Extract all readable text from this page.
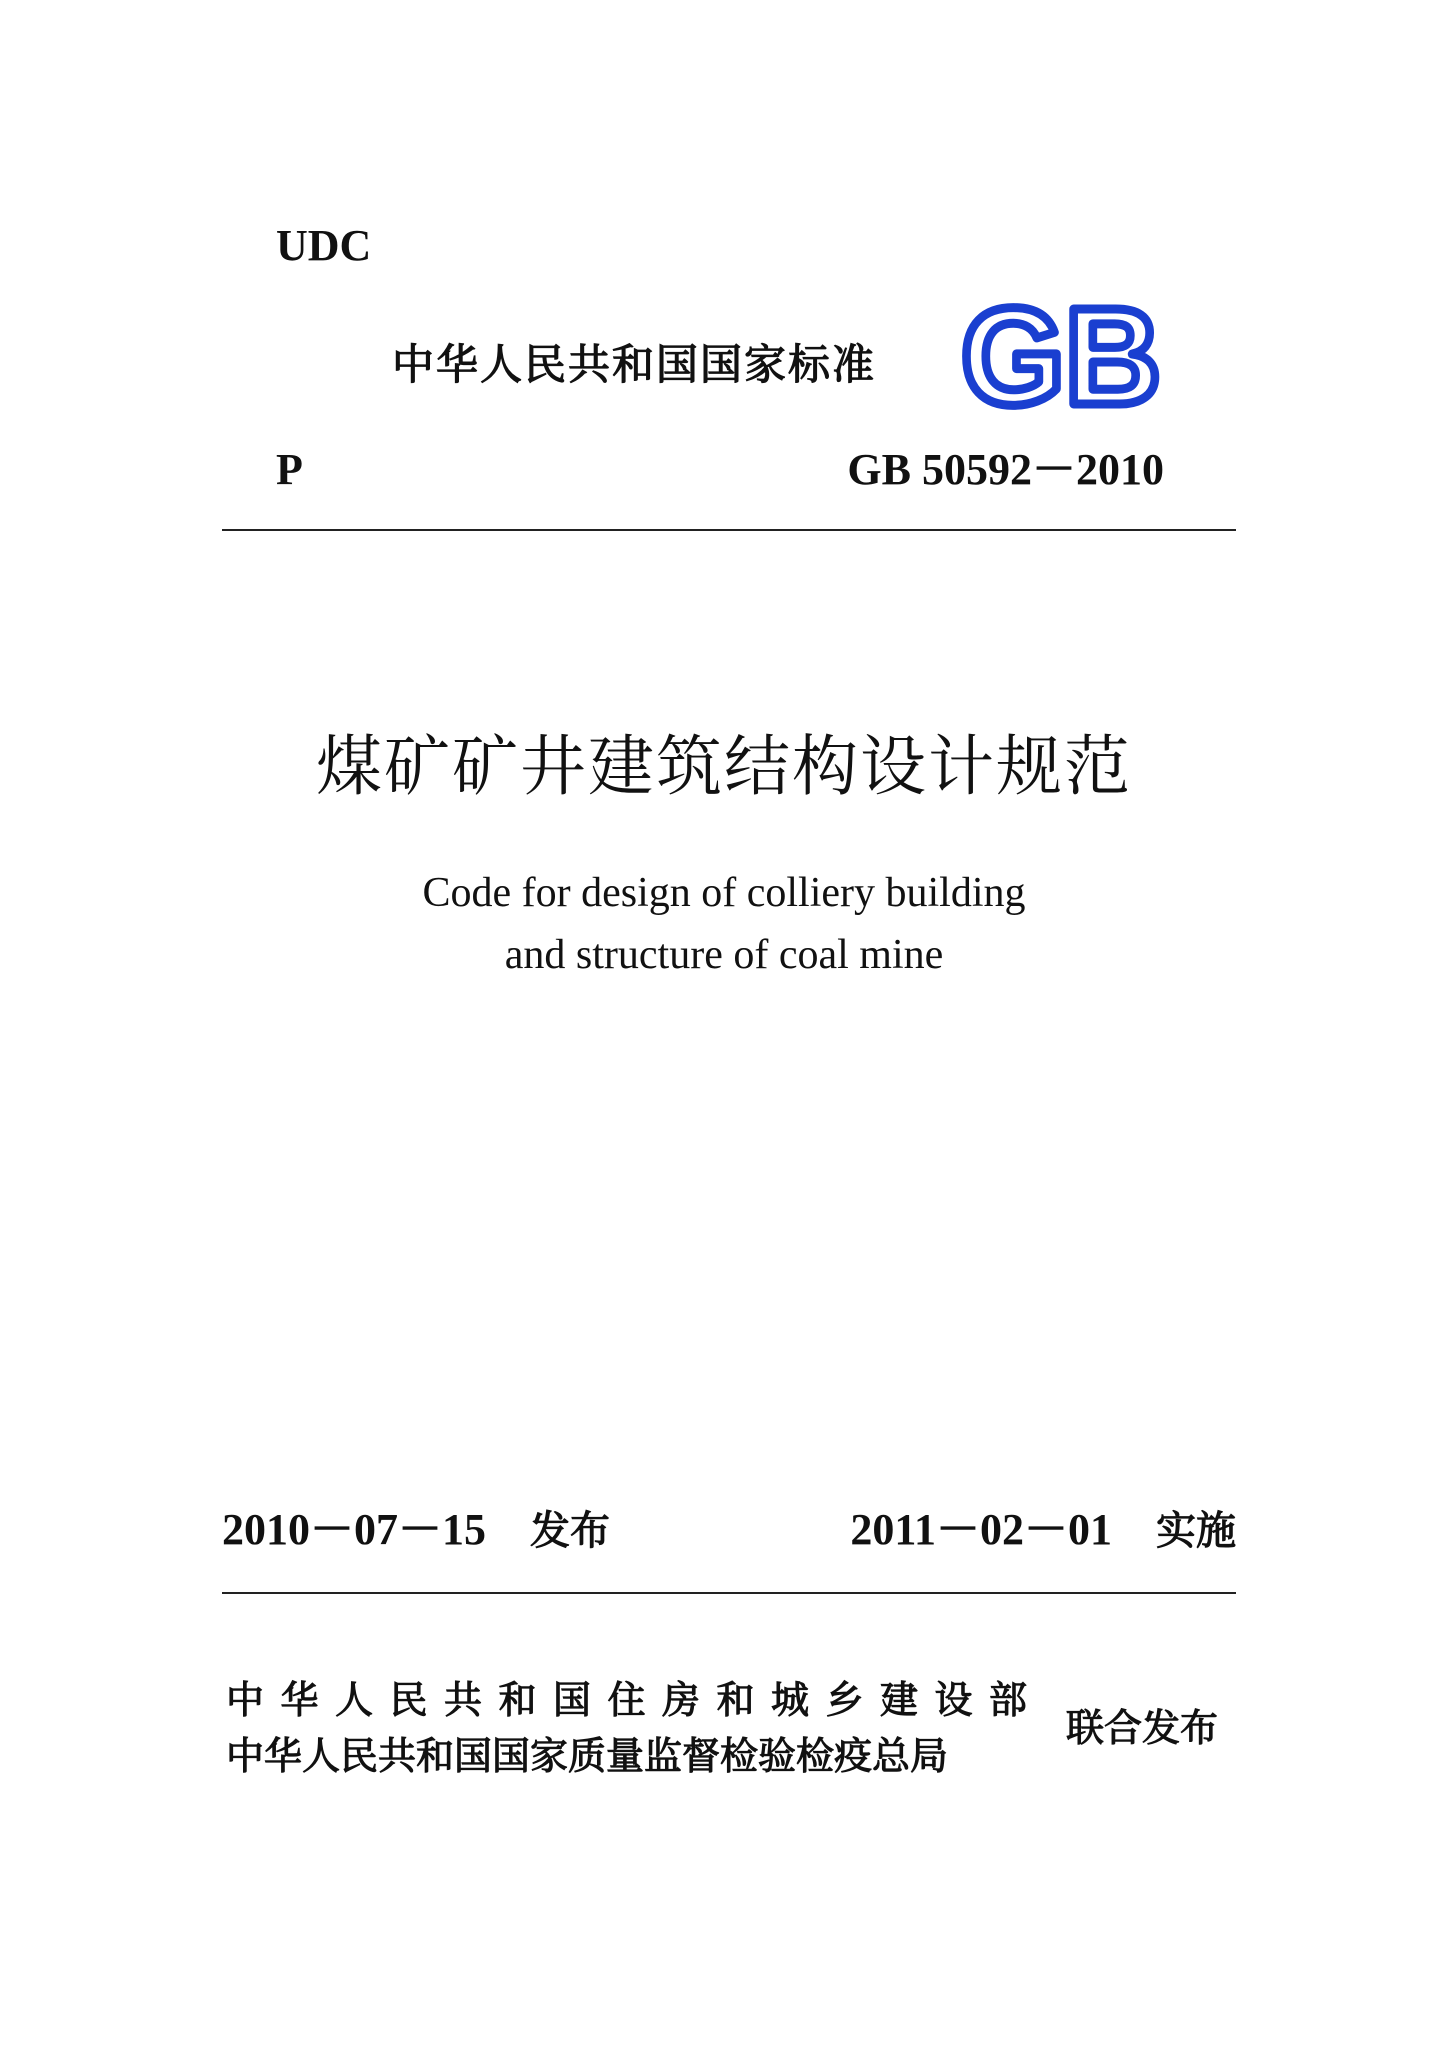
UDC
中华人民共和国国家标准 GB
P	GB 50592－2010
煤矿矿井建筑结构设计规范
Code for design of colliery building
and structure of coal mine
2010－07－15 发布	2011－02－01 实施
中华人民共和国住房和城乡建设部
中华人民共和国国家质量监督检验检疫总局
联合发布
